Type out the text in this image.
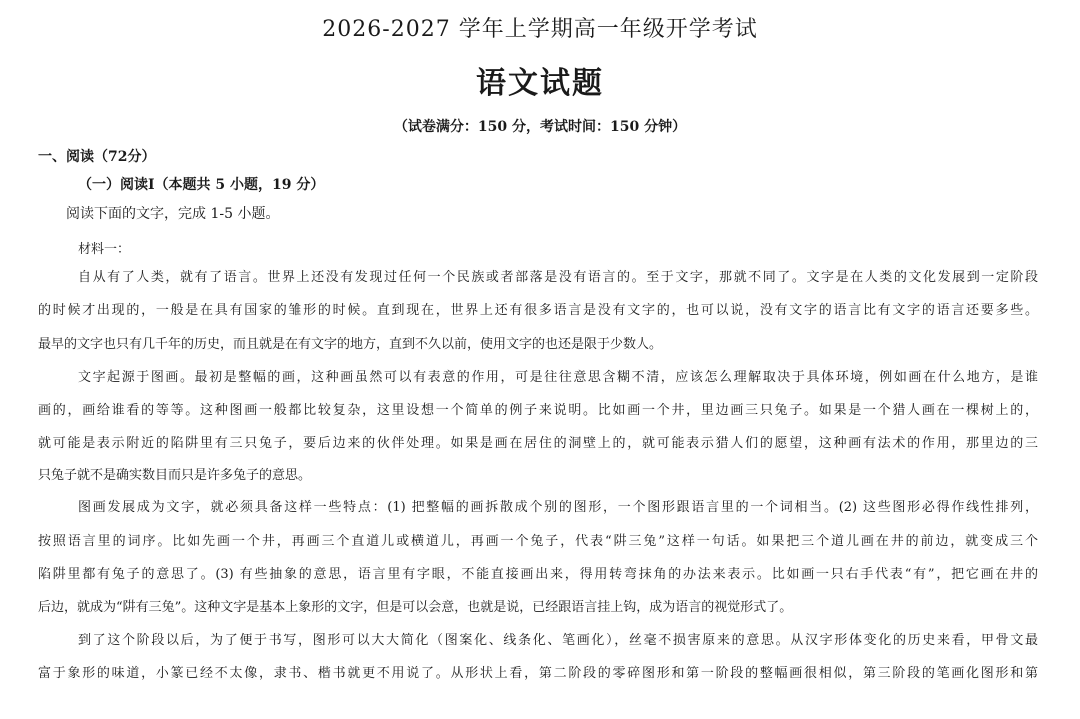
2026-2027 学年上学期高一年级开学考试
语文试题
（试卷满分：150 分，考试时间：150 分钟）
一、阅读（72分）
（一）阅读Ⅰ（本题共 5 小题，19 分）
阅读下面的文字，完成 1-5 小题。
材料一：
自从有了人类，就有了语言。世界上还没有发现过任何一个民族或者部落是没有语言的。至于文字，那就不同了。文字是在人类的文化发展到一定阶段
的时候才出现的，一般是在具有国家的雏形的时候。直到现在，世界上还有很多语言是没有文字的，也可以说，没有文字的语言比有文字的语言还要多些。
最早的文字也只有几千年的历史，而且就是在有文字的地方，直到不久以前，使用文字的也还是限于少数人。
文字起源于图画。最初是整幅的画，这种画虽然可以有表意的作用，可是往往意思含糊不清，应该怎么理解取决于具体环境，例如画在什么地方，是谁
画的，画给谁看的等等。这种图画一般都比较复杂，这里设想一个简单的例子来说明。比如画一个井，里边画三只兔子。如果是一个猎人画在一棵树上的，
就可能是表示附近的陷阱里有三只兔子，要后边来的伙伴处理。如果是画在居住的洞壁上的，就可能表示猎人们的愿望，这种画有法术的作用，那里边的三
只兔子就不是确实数目而只是许多兔子的意思。
图画发展成为文字，就必须具备这样一些特点：(1) 把整幅的画拆散成个别的图形，一个图形跟语言里的一个词相当。(2) 这些图形必得作线性排列，
按照语言里的词序。比如先画一个井，再画三个直道儿或横道儿，再画一个兔子，代表“阱三兔”这样一句话。如果把三个道儿画在井的前边，就变成三个
陷阱里都有兔子的意思了。(3) 有些抽象的意思，语言里有字眼，不能直接画出来，得用转弯抹角的办法来表示。比如画一只右手代表“有”，把它画在井的
后边，就成为“阱有三兔”。这种文字是基本上象形的文字，但是可以会意，也就是说，已经跟语言挂上钩，成为语言的视觉形式了。
到了这个阶段以后，为了便于书写，图形可以大大简化（图案化、线条化、笔画化），丝毫不损害原来的意思。从汉字形体变化的历史来看，甲骨文最
富于象形的味道，小篆已经不太像，隶书、楷书就更不用说了。从形状上看，第二阶段的零碎图形和第一阶段的整幅画很相似，第三阶段的笔画化图形和第
